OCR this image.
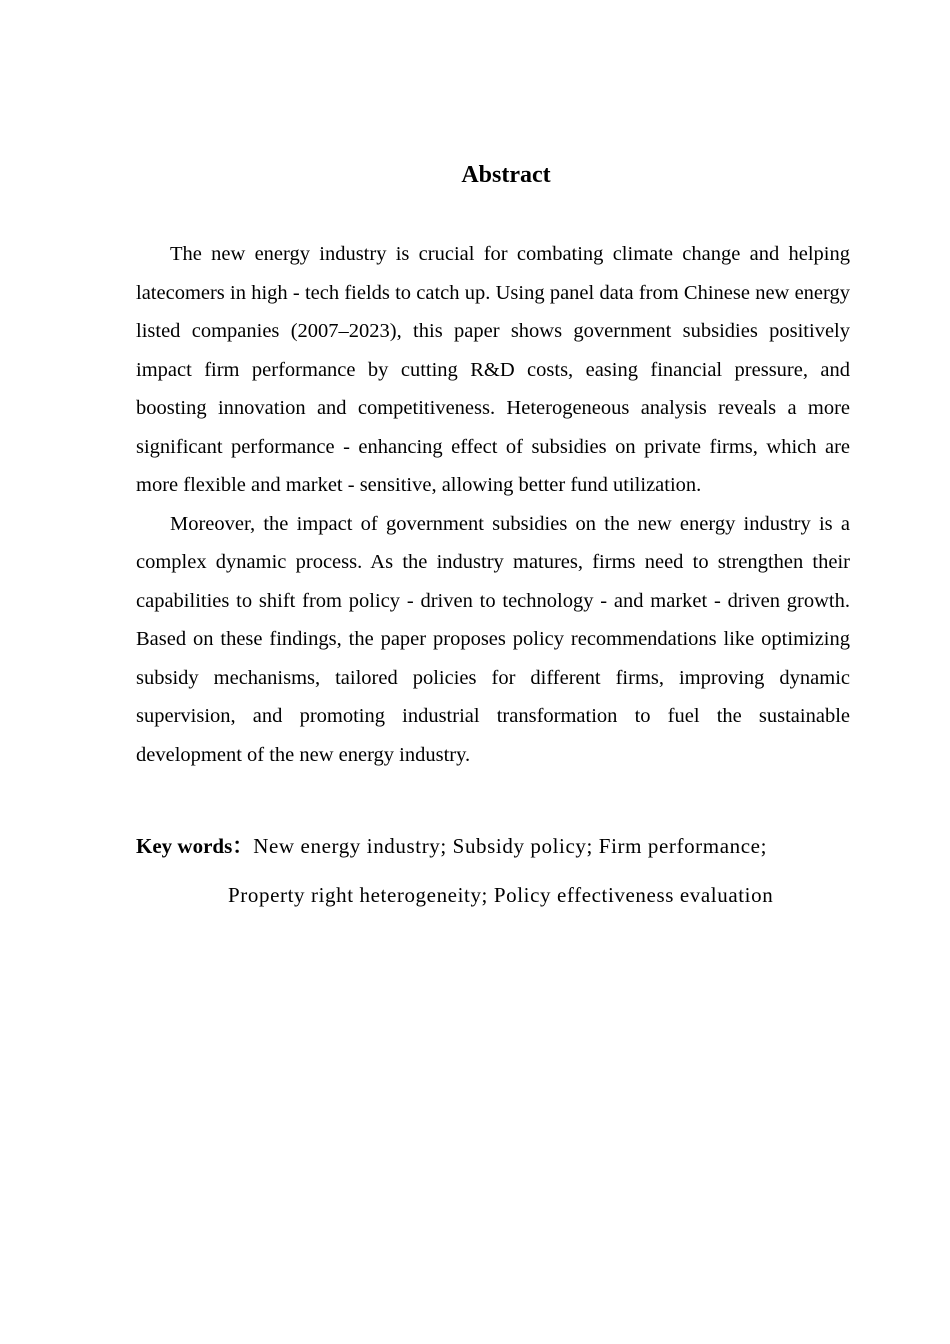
Abstract

The new energy industry is crucial for combating climate change and helping latecomers in high - tech fields to catch up. Using panel data from Chinese new energy listed companies (2007–2023), this paper shows government subsidies positively impact firm performance by cutting R&D costs, easing financial pressure, and boosting innovation and competitiveness. Heterogeneous analysis reveals a more significant performance - enhancing effect of subsidies on private firms, which are more flexible and market - sensitive, allowing better fund utilization.

Moreover, the impact of government subsidies on the new energy industry is a complex dynamic process. As the industry matures, firms need to strengthen their capabilities to shift from policy - driven to technology - and market - driven growth. Based on these findings, the paper proposes policy recommendations like optimizing subsidy mechanisms, tailored policies for different firms, improving dynamic supervision, and promoting industrial transformation to fuel the sustainable development of the new energy industry.

Key words：New energy industry; Subsidy policy; Firm performance;
Property right heterogeneity; Policy effectiveness evaluation
